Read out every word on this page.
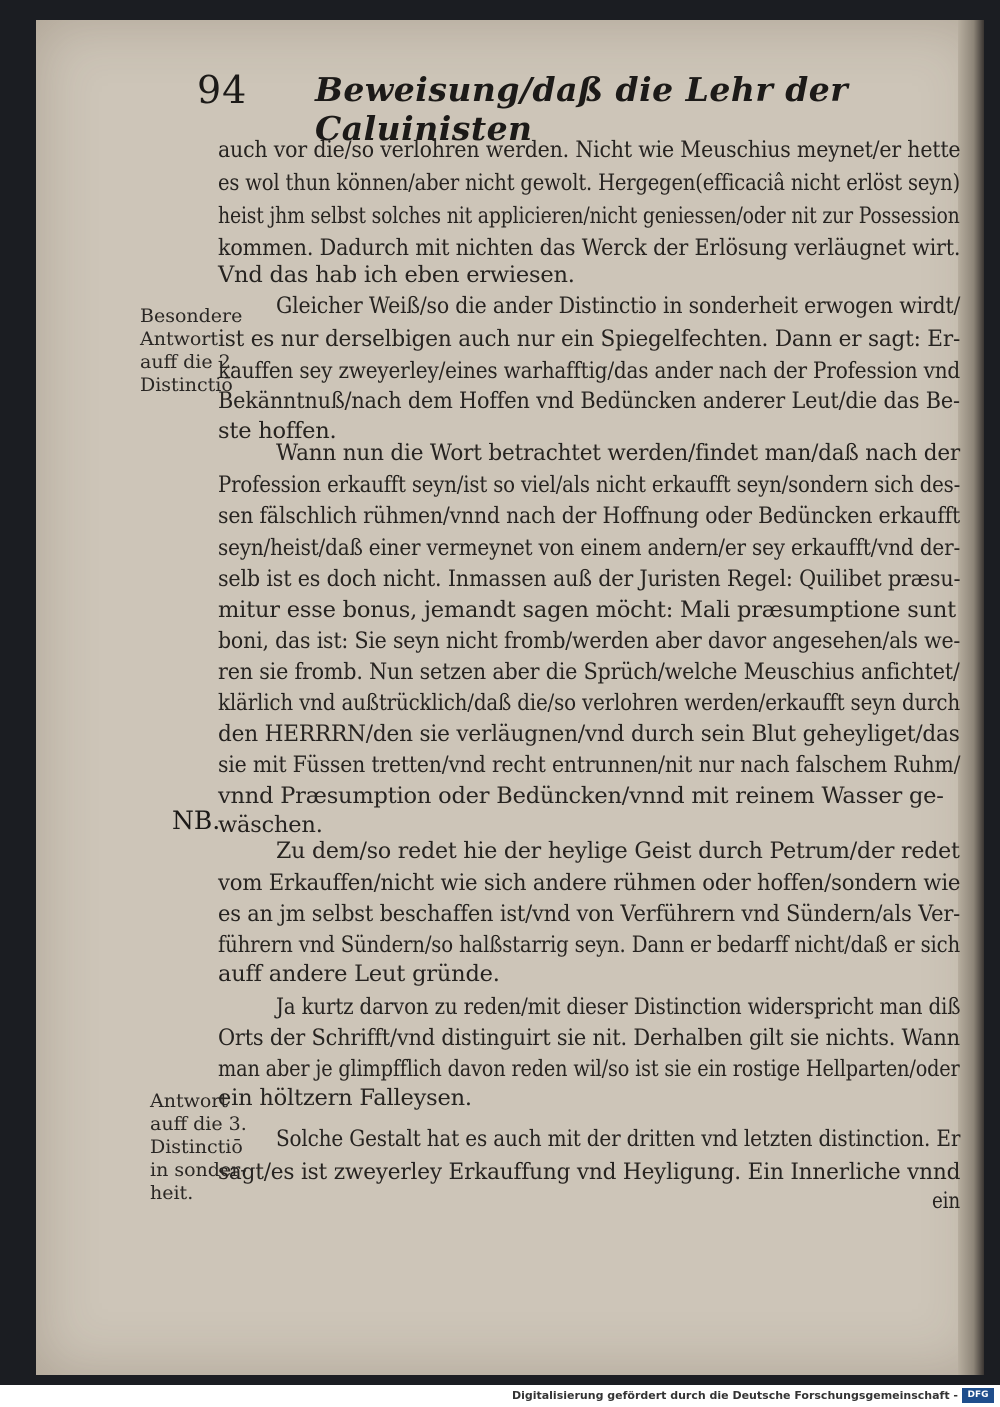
94 Beweisung/daß die Lehr der Caluinisten
auch vor die/so verlohren werden. Nicht wie Meuschius meynet/er hette
es wol thun können/aber nicht gewolt. Hergegen(efficaciâ nicht erlöst seyn)
heist jhm selbst solches nit applicieren/nicht geniessen/oder nit zur Possession
kommen. Dadurch mit nichten das Werck der Erlösung verläugnet wirt.
Vnd das hab ich eben erwiesen.
Gleicher Weiß/so die ander Distinctio in sonderheit erwogen wirdt/
ist es nur derselbigen auch nur ein Spiegelfechten. Dann er sagt: Er-
kauffen sey zweyerley/eines warhafftig/das ander nach der Profession vnd
Bekänntnuß/nach dem Hoffen vnd Bedüncken anderer Leut/die das Be-
ste hoffen.
Wann nun die Wort betrachtet werden/findet man/daß nach der
Profession erkaufft seyn/ist so viel/als nicht erkaufft seyn/sondern sich des-
sen fälschlich rühmen/vnnd nach der Hoffnung oder Bedüncken erkaufft
seyn/heist/daß einer vermeynet von einem andern/er sey erkaufft/vnd der-
selb ist es doch nicht. Inmassen auß der Juristen Regel: Quilibet præsu-
mitur esse bonus, jemandt sagen möcht: Mali præsumptione sunt
boni, das ist: Sie seyn nicht fromb/werden aber davor angesehen/als we-
ren sie fromb. Nun setzen aber die Sprüch/welche Meuschius anfichtet/
klärlich vnd außtrücklich/daß die/so verlohren werden/erkaufft seyn durch
den HERRRN/den sie verläugnen/vnd durch sein Blut geheyliget/das
sie mit Füssen tretten/vnd recht entrunnen/nit nur nach falschem Ruhm/
vnnd Præsumption oder Bedüncken/vnnd mit reinem Wasser ge-
wäschen.
Zu dem/so redet hie der heylige Geist durch Petrum/der redet
vom Erkauffen/nicht wie sich andere rühmen oder hoffen/sondern wie
es an jm selbst beschaffen ist/vnd von Verführern vnd Sündern/als Ver-
führern vnd Sündern/so halßstarrig seyn. Dann er bedarff nicht/daß er sich
auff andere Leut gründe.
Ja kurtz darvon zu reden/mit dieser Distinction widerspricht man diß
Orts der Schrifft/vnd distinguirt sie nit. Derhalben gilt sie nichts. Wann
man aber je glimpfflich davon reden wil/so ist sie ein rostige Hellparten/oder
ein höltzern Falleysen.
Solche Gestalt hat es auch mit der dritten vnd letzten distinction. Er
sagt/es ist zweyerley Erkauffung vnd Heyligung. Ein Innerliche vnnd
ein
Besondere
Antwort
auff die 2.
Distinctiō
NB.
Antwort
auff die 3.
Distinctiō
in sonder-
heit.
Digitalisierung gefördert durch die Deutsche Forschungsgemeinschaft -	DFG
